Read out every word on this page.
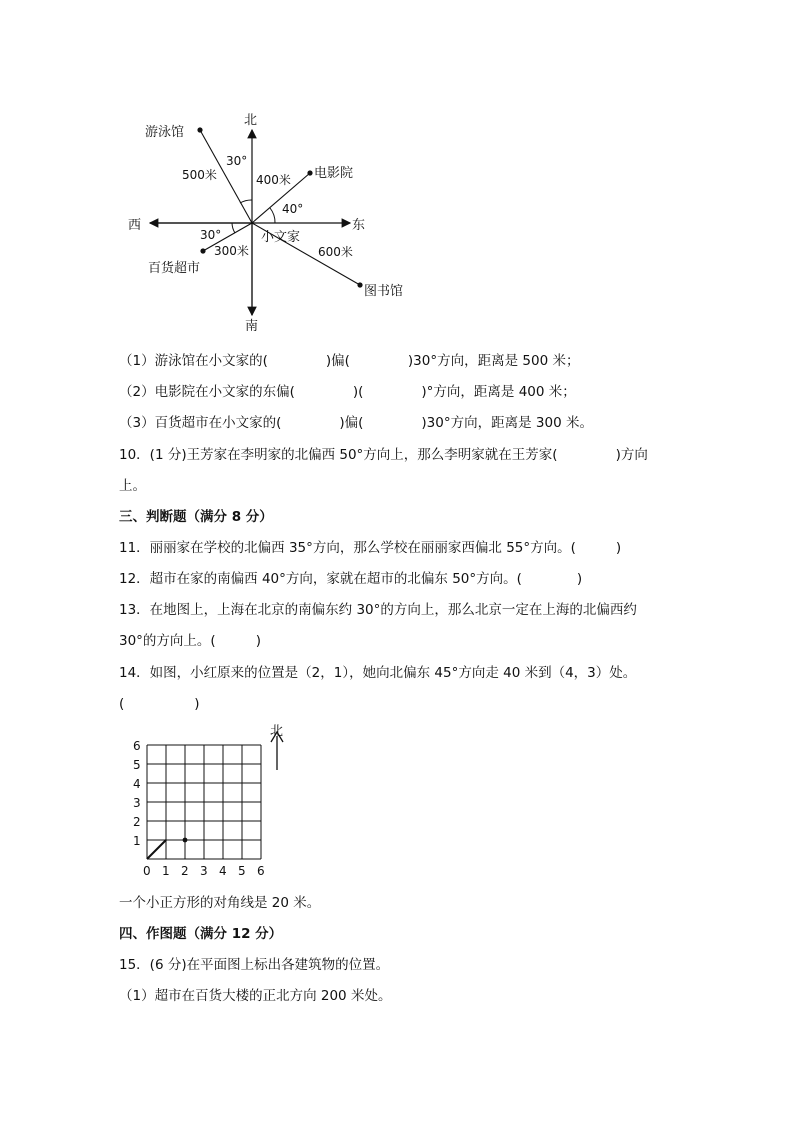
北
南
东
西
小文家
游泳馆
电影院
百货超市
图书馆
500米	400米
300米	600米
30°
40°
30°
（1）游泳馆在小文家的(	)偏(	)30°方向，距离是 500 米；
（2）电影院在小文家的东偏(	)(	)°方向，距离是 400 米；
（3）百货超市在小文家的(	)偏(	)30°方向，距离是 300 米。
10．(1 分)王芳家在李明家的北偏西 50°方向上，那么李明家就在王芳家(	)方向
上。
三、判断题（满分 8 分）
11．丽丽家在学校的北偏西 35°方向，那么学校在丽丽家西偏北 55°方向。(	)
12．超市在家的南偏西 40°方向，家就在超市的北偏东 50°方向。(	)
13．在地图上，上海在北京的南偏东约 30°的方向上，那么北京一定在上海的北偏西约
30°的方向上。(	)
14．如图，小红原来的位置是（2，1），她向北偏东 45°方向走 40 米到（4，3）处。
(	)
0 1 2 3 4 5 6
1
2
3
4
5
6
北
一个小正方形的对角线是 20 米。
四、作图题（满分 12 分）
15．(6 分)在平面图上标出各建筑物的位置。
（1）超市在百货大楼的正北方向 200 米处。
